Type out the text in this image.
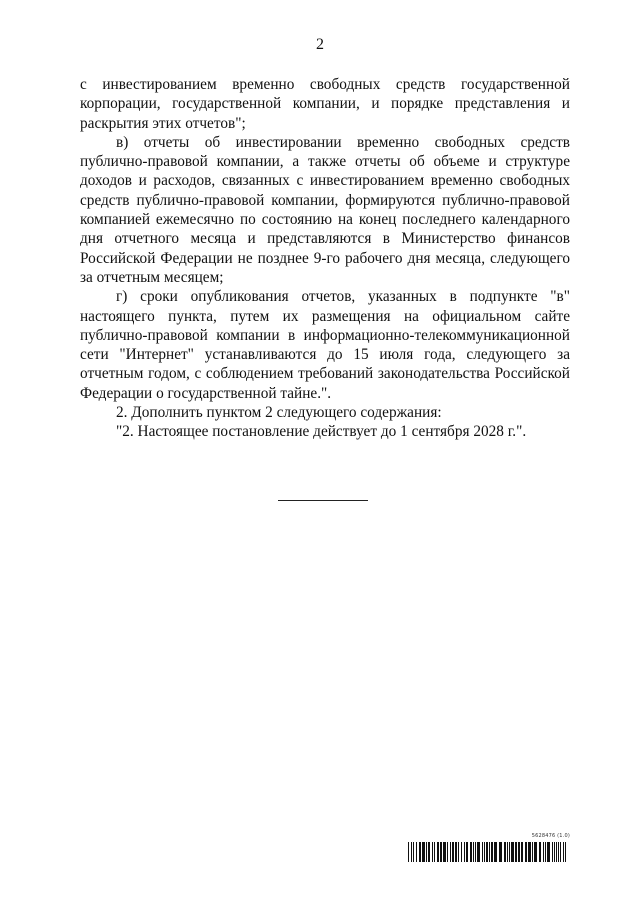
2

с инвестированием временно свободных средств государственной корпорации, государственной компании, и порядке представления и раскрытия этих отчетов";

в) отчеты об инвестировании временно свободных средств публично-правовой компании, а также отчеты об объеме и структуре доходов и расходов, связанных с инвестированием временно свободных средств публично-правовой компании, формируются публично-правовой компанией ежемесячно по состоянию на конец последнего календарного дня отчетного месяца и представляются в Министерство финансов Российской Федерации не позднее 9-го рабочего дня месяца, следующего за отчетным месяцем;

г) сроки опубликования отчетов, указанных в подпункте "в" настоящего пункта, путем их размещения на официальном сайте публично-правовой компании в информационно-телекоммуникационной сети "Интернет" устанавливаются до 15 июля года, следующего за отчетным годом, с соблюдением требований законодательства Российской Федерации о государственной тайне.".

2. Дополнить пунктом 2 следующего содержания:

"2. Настоящее постановление действует до 1 сентября 2028 г.".

5628476 (1.0)
